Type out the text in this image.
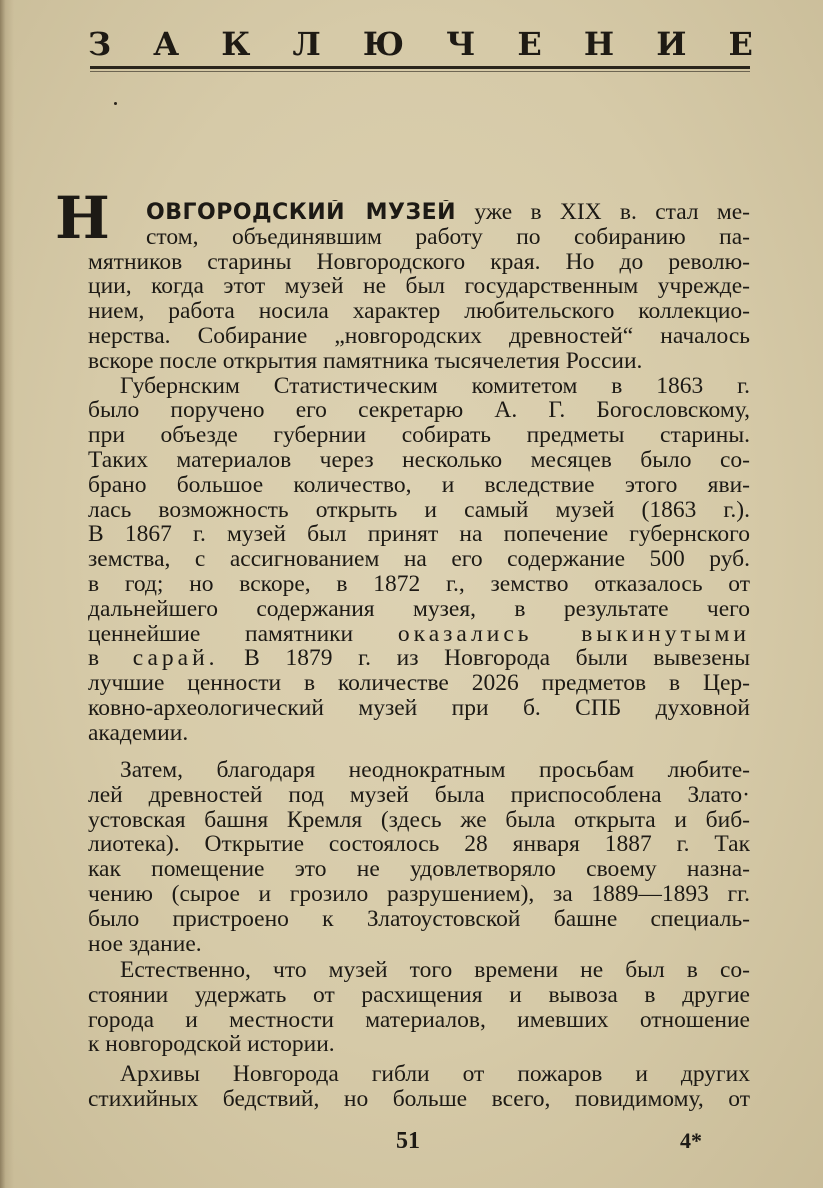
З А К Л Ю Ч Е Н И Е
Н	ОВГОРОДСКИЙ МУЗЕЙ уже в XIX в. стал ме-
стом, объединявшим работу по собиранию па-
мятников старины Новгородского края. Но до револю-
ции, когда этот музей не был государственным учрежде-
нием, работа носила характер любительского коллекцио-
нерства. Собирание „новгородских древностей“ началось
вскоре после открытия памятника тысячелетия России.
Губернским Статистическим комитетом в 1863 г.
было поручено его секретарю А. Г. Богословскому,
при объезде губернии собирать предметы старины.
Таких материалов через несколько месяцев было со-
брано большое количество, и вследствие этого яви-
лась возможность открыть и самый музей (1863 г.).
В 1867 г. музей был принят на попечение губернского
земства, с ассигнованием на его содержание 500 руб.
в год; но вскоре, в 1872 г., земство отказалось от
дальнейшего содержания музея, в результате чего
ценнейшие памятники оказались выкинутыми
в сарай. В 1879 г. из Новгорода были вывезены
лучшие ценности в количестве 2026 предметов в Цер-
ковно-археологический музей при б. СПБ духовной
академии.
Затем, благодаря неоднократным просьбам любите-
лей древностей под музей была приспособлена Злато·
устовская башня Кремля (здесь же была открыта и биб-
лиотека). Открытие состоялось 28 января 1887 г. Так
как помещение это не удовлетворяло своему назна-
чению (сырое и грозило разрушением), за 1889—1893 гг.
было пристроено к Златоустовской башне специаль-
ное здание.
Естественно, что музей того времени не был в со-
стоянии удержать от расхищения и вывоза в другие
города и местности материалов, имевших отношение
к новгородской истории.
Архивы Новгорода гибли от пожаров и других
стихийных бедствий, но больше всего, повидимому, от
51	4*
